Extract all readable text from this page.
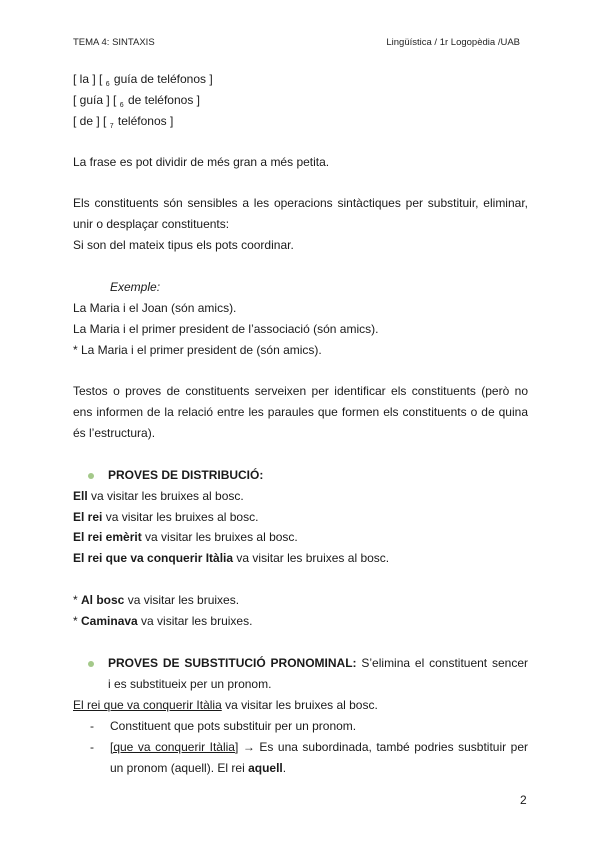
TEMA 4: SINTAXIS	Lingüística / 1r Logopèdia /UAB
[ la ] [ $_6$ guía de teléfonos ]
[ guía ] [ $_6$ de teléfonos ]
[ de ] [ $_7$ teléfonos ]
La frase es pot dividir de més gran a més petita.
Els constituents són sensibles a les operacions sintàctiques per substituir, eliminar,
unir o desplaçar constituents:
Si son del mateix tipus els pots coordinar.
Exemple:
La Maria i el Joan (són amics).
La Maria i el primer president de l’associació (són amics).
* La Maria i el primer president de (són amics).
Testos o proves de constituents serveixen per identificar els constituents (però no
ens informen de la relació entre les paraules que formen els constituents o de quina
és l’estructura).
PROVES DE DISTRIBUCIÓ:
Ell va visitar les bruixes al bosc.
El rei va visitar les bruixes al bosc.
El rei emèrit va visitar les bruixes al bosc.
El rei que va conquerir Itàlia va visitar les bruixes al bosc.
* Al bosc va visitar les bruixes.
* Caminava va visitar les bruixes.
PROVES DE SUBSTITUCIÓ PRONOMINAL: S’elimina el constituent sencer
i es substitueix per un pronom.
El rei que va conquerir Itàlia va visitar les bruixes al bosc.
- Constituent que pots substituir per un pronom.
- [que va conquerir Itàlia] → Es una subordinada, també podries susbtituir per
un pronom (aquell). El rei aquell.
2
